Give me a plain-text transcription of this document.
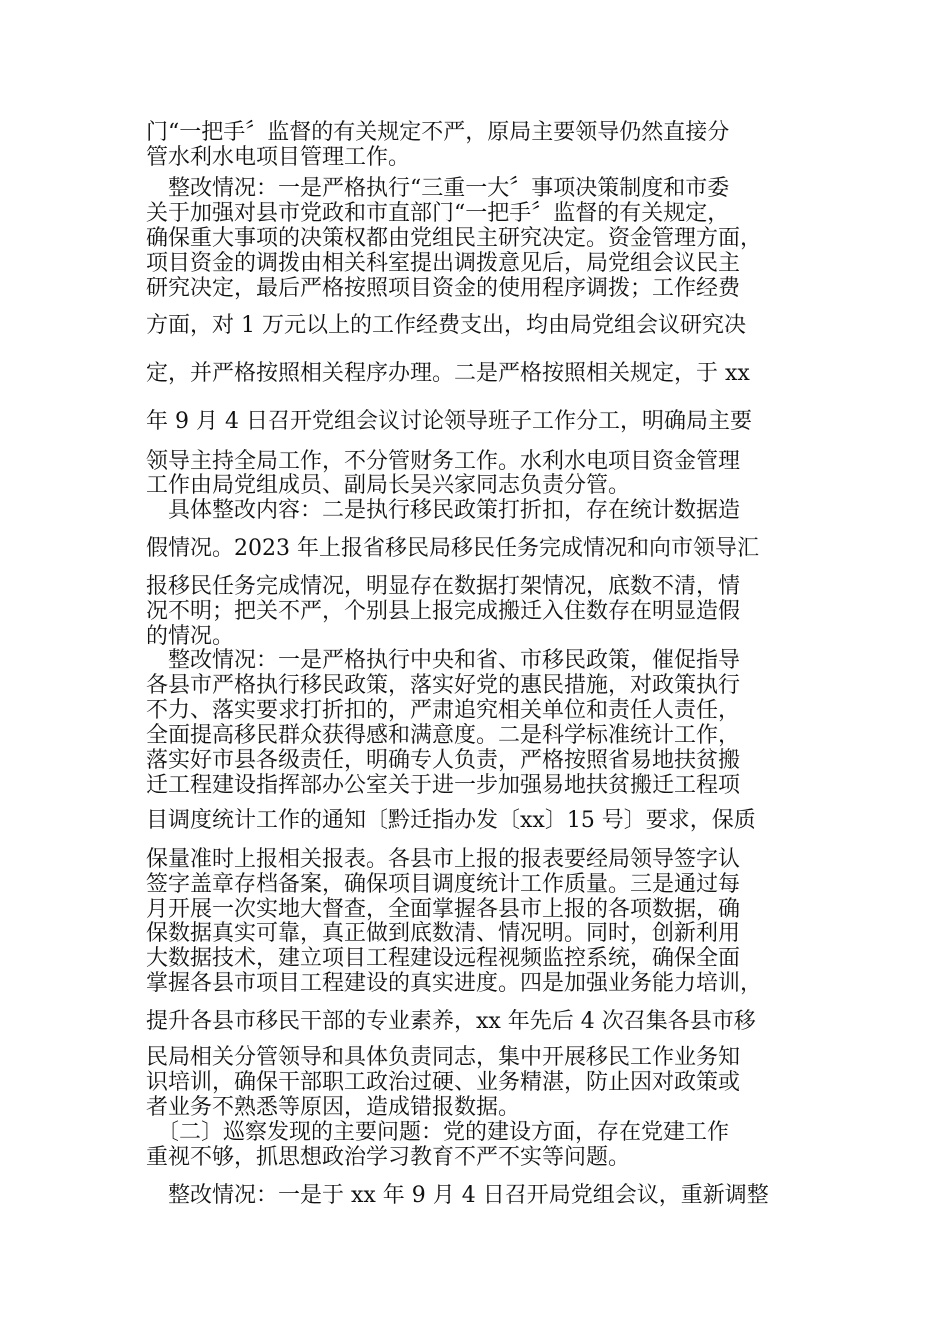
门“一把手〞监督的有关规定不严，原局主要领导仍然直接分
管水利水电项目管理工作。
　整改情况：一是严格执行“三重一大〞事项决策制度和市委
关于加强对县市党政和市直部门“一把手〞监督的有关规定，
确保重大事项的决策权都由党组民主研究决定。资金管理方面，
项目资金的调拨由相关科室提出调拨意见后，局党组会议民主
研究决定，最后严格按照项目资金的使用程序调拨；工作经费
方面，对 1 万元以上的工作经费支出，均由局党组会议研究决
定，并严格按照相关程序办理。二是严格按照相关规定，于 xx
年 9 月 4 日召开党组会议讨论领导班子工作分工，明确局主要
领导主持全局工作，不分管财务工作。水利水电项目资金管理
工作由局党组成员、副局长吴兴家同志负责分管。
　具体整改内容：二是执行移民政策打折扣，存在统计数据造
假情况。2023 年上报省移民局移民任务完成情况和向市领导汇
报移民任务完成情况，明显存在数据打架情况，底数不清，情
况不明；把关不严，个别县上报完成搬迁入住数存在明显造假
的情况。
　整改情况：一是严格执行中央和省、市移民政策，催促指导
各县市严格执行移民政策，落实好党的惠民措施，对政策执行
不力、落实要求打折扣的，严肃追究相关单位和责任人责任，
全面提高移民群众获得感和满意度。二是科学标准统计工作，
落实好市县各级责任，明确专人负责，严格按照省易地扶贫搬
迁工程建设指挥部办公室关于进一步加强易地扶贫搬迁工程项
目调度统计工作的通知〔黔迁指办发〔xx〕15 号〕要求，保质
保量准时上报相关报表。各县市上报的报表要经局领导签字认
签字盖章存档备案，确保项目调度统计工作质量。三是通过每
月开展一次实地大督查，全面掌握各县市上报的各项数据，确
保数据真实可靠，真正做到底数清、情况明。同时，创新利用
大数据技术，建立项目工程建设远程视频监控系统，确保全面
掌握各县市项目工程建设的真实进度。四是加强业务能力培训，
提升各县市移民干部的专业素养，xx 年先后 4 次召集各县市移
民局相关分管领导和具体负责同志，集中开展移民工作业务知
识培训，确保干部职工政治过硬、业务精湛，防止因对政策或
者业务不熟悉等原因，造成错报数据。
　〔二〕巡察发现的主要问题：党的建设方面，存在党建工作
重视不够，抓思想政治学习教育不严不实等问题。
　整改情况：一是于 xx 年 9 月 4 日召开局党组会议，重新调整
